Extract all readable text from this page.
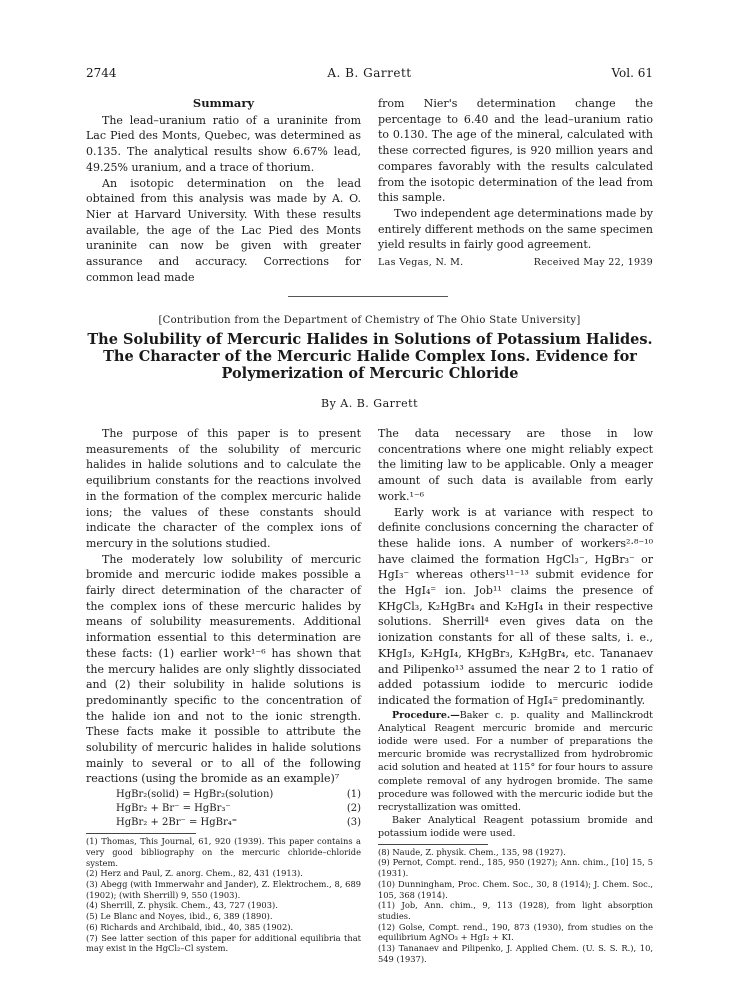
2744	A. B. Garrett	Vol. 61
Summary

The lead–uranium ratio of a uraninite from Lac Pied des Monts, Quebec, was determined as 0.135. The analytical results show 6.67% lead, 49.25% uranium, and a trace of thorium.

An isotopic determination on the lead obtained from this analysis was made by A. O. Nier at Harvard University. With these results available, the age of the Lac Pied des Monts uraninite can now be given with greater assurance and accuracy. Corrections for common lead made

from Nier's determination change the percentage to 6.40 and the lead–uranium ratio to 0.130. The age of the mineral, calculated with these corrected figures, is 920 million years and compares favorably with the results calculated from the isotopic determination of the lead from this sample.

Two independent age determinations made by entirely different methods on the same specimen yield results in fairly good agreement.

Las Vegas, N. M.	Received May 22, 1939
[Contribution from the Department of Chemistry of The Ohio State University]
The Solubility of Mercuric Halides in Solutions of Potassium Halides. The Character of the Mercuric Halide Complex Ions. Evidence for Polymerization of Mercuric Chloride
By A. B. Garrett

The purpose of this paper is to present measurements of the solubility of mercuric halides in halide solutions and to calculate the equilibrium constants for the reactions involved in the formation of the complex mercuric halide ions; the values of these constants should indicate the character of the complex ions of mercury in the solutions studied.

The moderately low solubility of mercuric bromide and mercuric iodide makes possible a fairly direct determination of the character of the complex ions of these mercuric halides by means of solubility measurements. Additional information essential to this determination are these facts: (1) earlier work¹⁻⁶ has shown that the mercury halides are only slightly dissociated and (2) their solubility in halide solutions is predominantly specific to the concentration of the halide ion and not to the ionic strength. These facts make it possible to attribute the solubility of mercuric halides in halide solutions mainly to several or to all of the following reactions (using the bromide as an example)⁷

HgBr₂(solid) = HgBr₂(solution)	(1)
HgBr₂ + Br⁻ = HgBr₃⁻	(2)
HgBr₂ + 2Br⁻ = HgBr₄⁼	(3)
(1) Thomas, This Journal, 61, 920 (1939). This paper contains a very good bibliography on the mercuric chloride–chloride system.
(2) Herz and Paul, Z. anorg. Chem., 82, 431 (1913).
(3) Abegg (with Immerwahr and Jander), Z. Elektrochem., 8, 689 (1902); (with Sherrill) 9, 550 (1903).
(4) Sherrill, Z. physik. Chem., 43, 727 (1903).
(5) Le Blanc and Noyes, ibid., 6, 389 (1890).
(6) Richards and Archibald, ibid., 40, 385 (1902).
(7) See latter section of this paper for additional equilibria that may exist in the HgCl₂–Cl system.

The data necessary are those in low concentrations where one might reliably expect the limiting law to be applicable. Only a meager amount of such data is available from early work.¹⁻⁶

Early work is at variance with respect to definite conclusions concerning the character of these halide ions. A number of workers²·⁸⁻¹⁰ have claimed the formation HgCl₃⁻, HgBr₃⁻ or HgI₃⁻ whereas others¹¹⁻¹³ submit evidence for the HgI₄⁼ ion. Job¹¹ claims the presence of KHgCl₃, K₂HgBr₄ and K₂HgI₄ in their respective solutions. Sherrill⁴ even gives data on the ionization constants for all of these salts, i. e., KHgI₃, K₂HgI₄, KHgBr₃, K₂HgBr₄, etc. Tananaev and Pilipenko¹³ assumed the near 2 to 1 ratio of added potassium iodide to mercuric iodide indicated the formation of HgI₄⁼ predominantly.

Procedure.—Baker c. p. quality and Mallinckrodt Analytical Reagent mercuric bromide and mercuric iodide were used. For a number of preparations the mercuric bromide was recrystallized from hydrobromic acid solution and heated at 115° for four hours to assure complete removal of any hydrogen bromide. The same procedure was followed with the mercuric iodide but the recrystallization was omitted.

Baker Analytical Reagent potassium bromide and potassium iodide were used.

(8) Naude, Z. physik. Chem., 135, 98 (1927).
(9) Pernot, Compt. rend., 185, 950 (1927); Ann. chim., [10] 15, 5 (1931).
(10) Dunningham, Proc. Chem. Soc., 30, 8 (1914); J. Chem. Soc., 105, 368 (1914).
(11) Job, Ann. chim., 9, 113 (1928), from light absorption studies.
(12) Golse, Compt. rend., 190, 873 (1930), from studies on the equilibrium AgNO₃ + HgI₂ + KI.
(13) Tananaev and Pilipenko, J. Applied Chem. (U. S. S. R.), 10, 549 (1937).
